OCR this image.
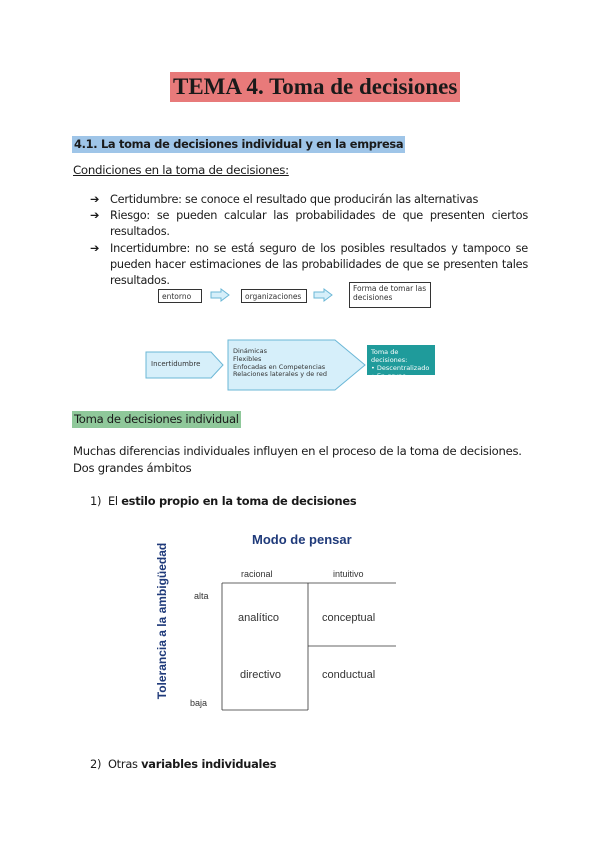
TEMA 4. Toma de decisiones
4.1. La toma de decisiones individual y en la empresa
Condiciones en la toma de decisiones:
➔ Certidumbre: se conoce el resultado que producirán las alternativas
➔ Riesgo: se pueden calcular las probabilidades de que presenten ciertos resultados.
➔ Incertidumbre: no se está seguro de los posibles resultados y tampoco se pueden hacer estimaciones de las probabilidades de que se presenten tales resultados.
entorno	organizaciones
Forma de tomar las decisiones
Incertidumbre
Dinámicas
Flexibles
Enfocadas en Competencias
Relaciones laterales y de red
Toma de decisiones:
• Descentralizado
• En grupo
Toma de decisiones individual
Muchas diferencias individuales influyen en el proceso de la toma de decisiones.
Dos grandes ámbitos
1) El estilo propio en la toma de decisiones
Modo de pensar
Tolerancia a la ambigüedad	racional	intuitivo
alta
baja
analítico	conceptual
directivo	conductual
2) Otras variables individuales
